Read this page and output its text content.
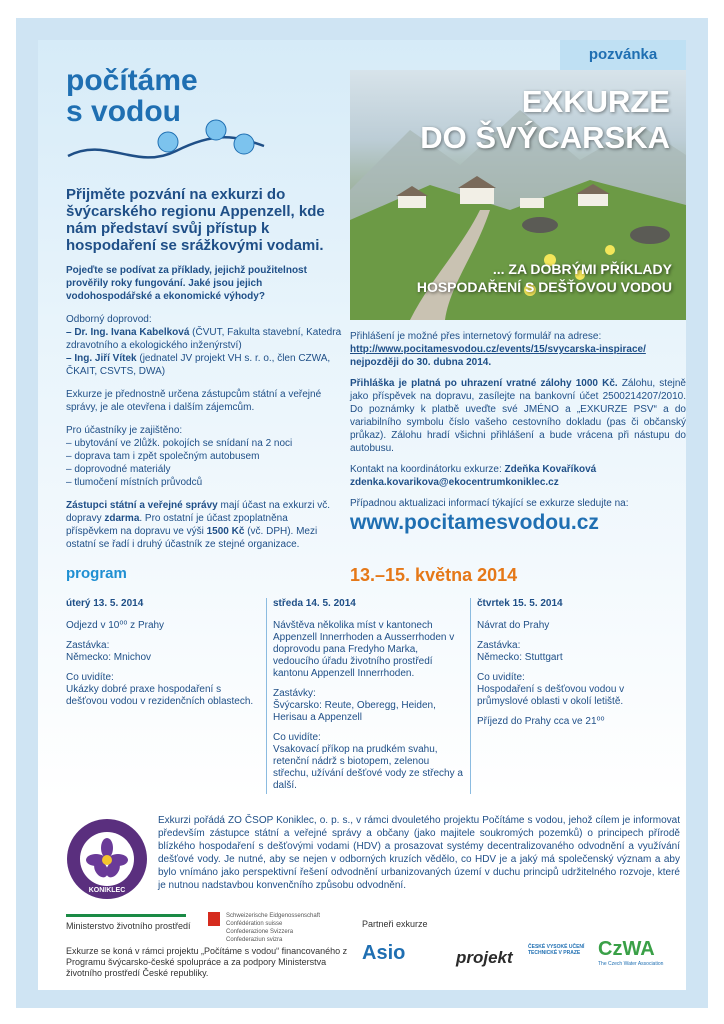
pozvánka
počítáme
s vodou	EXKURZE
DO ŠVÝCARSKA
... ZA DOBRÝMI PŘÍKLADY
HOSPODAŘENÍ S DEŠŤOVOU VODOU
Přijměte pozvání na exkurzi do švýcarského regionu Appenzell, kde nám představí svůj přístup k hospodaření se srážkovými vodami.
Pojeďte se podívat za příklady, jejichž použitelnost prověřily roky fungování. Jaké jsou jejich vodohospodářské a ekonomické výhody?
Odborný doprovod:
– Dr. Ing. Ivana Kabelková (ČVUT, Fakulta stavební, Katedra zdravotního a ekologického inženýrství)
– Ing. Jiří Vítek (jednatel JV projekt VH s. r. o., člen CZWA, ČKAIT, CSVTS, DWA)
Exkurze je přednostně určena zástupcům státní a veřejné správy, je ale otevřena i dalším zájemcům.
Pro účastníky je zajištěno:
– ubytování ve 2lůžk. pokojích se snídaní na 2 noci
– doprava tam i zpět společným autobusem
– doprovodné materiály
– tlumočení místních průvodců
Zástupci státní a veřejné správy mají účast na exkurzi vč. dopravy zdarma. Pro ostatní je účast zpoplatněna příspěvkem na dopravu ve výši 1500 Kč (vč. DPH). Mezi ostatní se řadí i druhý účastník ze stejné organizace.
Přihlášení je možné přes internetový formulář na adrese:
http://www.pocitamesvodou.cz/events/15/svycarska-inspirace/
nejpozději do 30. dubna 2014.
Přihláška je platná po uhrazení vratné zálohy 1000 Kč. Zálohu, stejně jako příspěvek na dopravu, zasílejte na bankovní účet 2500214207/2010. Do poznámky k platbě uveďte své JMÉNO a „EXKURZE PSV“ a do variabilního symbolu číslo vašeho cestovního dokladu (pas či občanský průkaz). Zálohu hradí všichni přihlášení a bude vrácena při nástupu do autobusu.
Kontakt na koordinátorku exkurze: Zdeňka Kovaříková
zdenka.kovarikova@ekocentrumkoniklec.cz
Případnou aktualizaci informací týkající se exkurze sledujte na:
www.pocitamesvodou.cz
program	13.–15. května 2014
úterý 13. 5. 2014

Odjezd v 10⁰⁰ z Prahy

Zastávka:
Německo: Mnichov

Co uvidíte:
Ukázky dobré praxe hospodaření s dešťovou vodou v rezidenčních oblastech.

středa 14. 5. 2014

Návštěva několika míst v kantonech Appenzell Innerrhoden a Ausserrhoden v doprovodu pana Fredyho Marka, vedoucího úřadu životního prostředí kantonu Appenzell Innerrhoden.

Zastávky:
Švýcarsko: Reute, Oberegg, Heiden, Herisau a Appenzell

Co uvidíte:
Vsakovací příkop na prudkém svahu, retenční nádrž s biotopem, zelenou střechu, užívání dešťové vody ze střechy a další.

čtvrtek 15. 5. 2014

Návrat do Prahy

Zastávka:
Německo: Stuttgart

Co uvidíte:
Hospodaření s dešťovou vodou v průmyslové oblasti v okolí letiště.

Příjezd do Prahy cca ve 21⁰⁰

KONIKLEC
Exkurzi pořádá ZO ČSOP Koniklec, o. p. s., v rámci dvouletého projektu Počítáme s vodou, jehož cílem je informovat především zástupce státní a veřejné správy a občany (jako majitele soukromých pozemků) o principech přírodě blízkého hospodaření s dešťovými vodami (HDV) a prosazovat systémy decentralizovaného odvodnění a využívání dešťové vody. Je nutné, aby se nejen v odborných kruzích vědělo, co HDV je a jaký má společenský význam a aby bylo vnímáno jako perspektivní řešení odvodnění urbanizovaných území v duchu principů udržitelného rozvoje, které je nutnou nadstavbou konvenčního způsobu odvodnění.
Ministerstvo životního prostředí
Schweizerische Eidgenossenschaft
Confédération suisse
Confederazione Svizzera
Confederaziun svizra
Partneři exkurze
Exkurze se koná v rámci projektu „Počítáme s vodou“ financovaného z Programu švýcarsko-české spolupráce a za podpory Ministerstva životního prostředí České republiky.
Asio	projekt
ČESKÉ VYSOKÉ UČENÍ TECHNICKÉ V PRAZE CzWA
The Czech Water Association
